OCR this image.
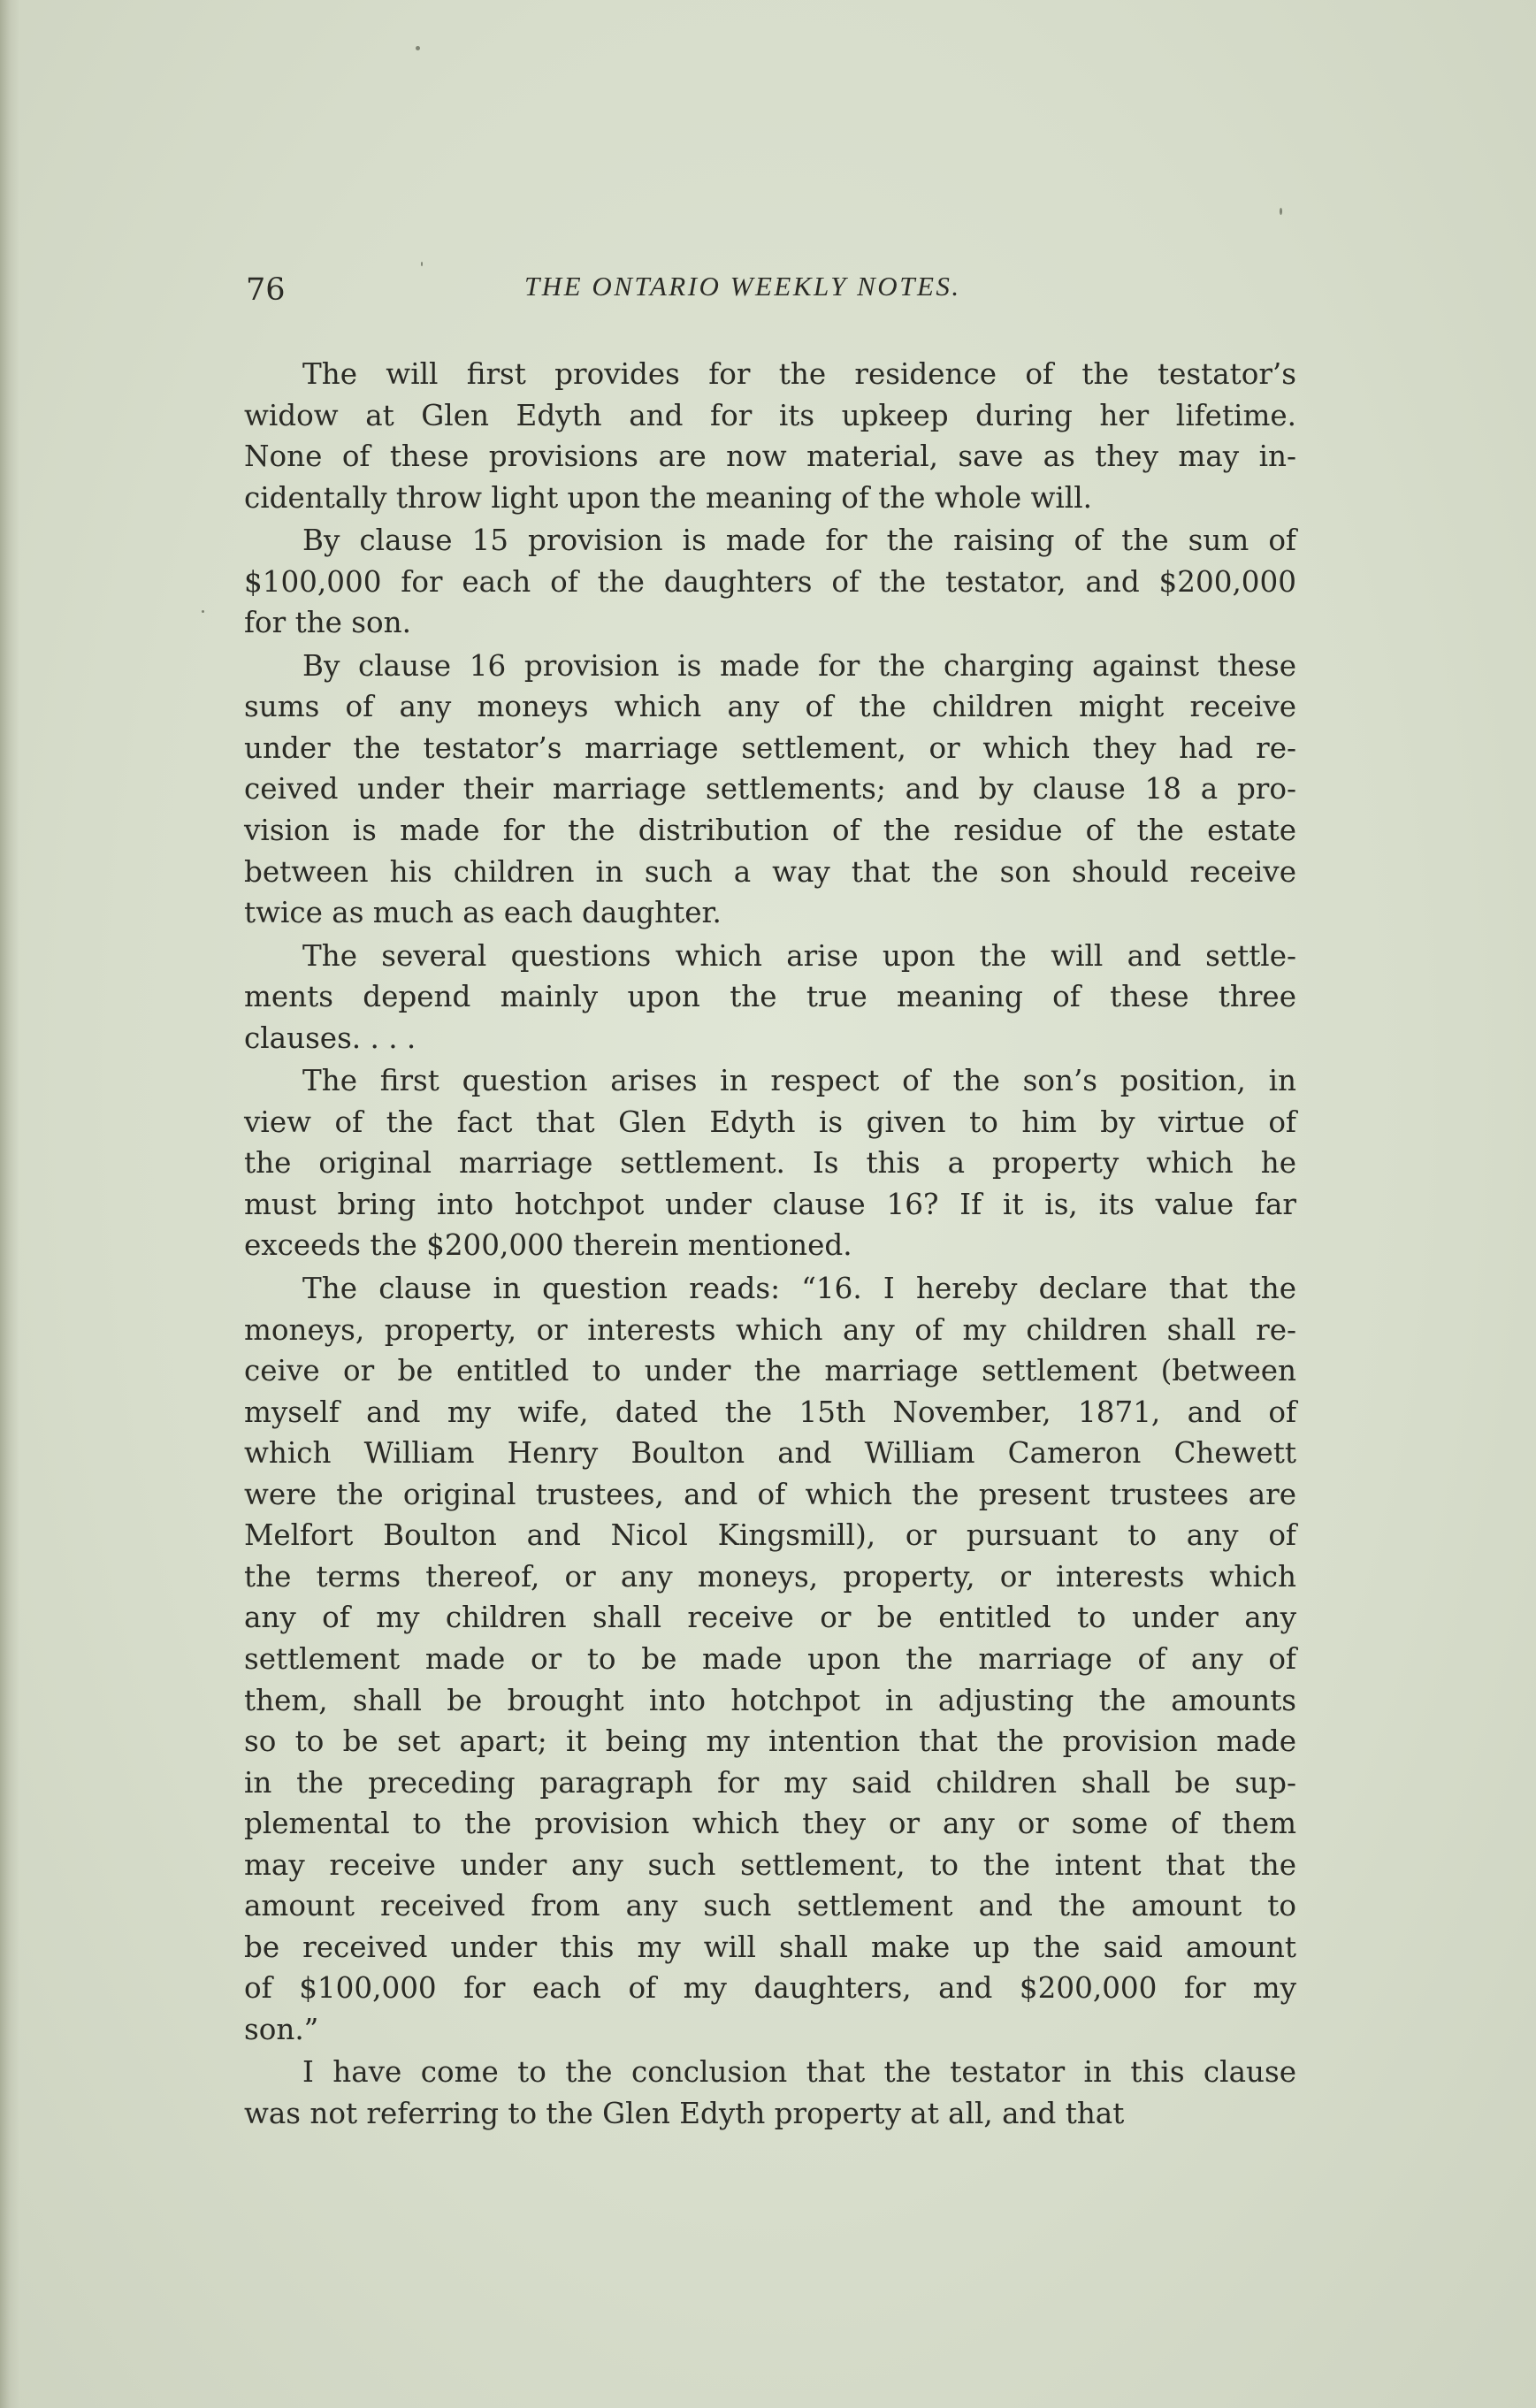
76	THE ONTARIO WEEKLY NOTES.

The will first provides for the residence of the testator’s
widow at Glen Edyth and for its upkeep during her lifetime.
None of these provisions are now material, save as they may in-
cidentally throw light upon the meaning of the whole will.

By clause 15 provision is made for the raising of the sum of
$100,000 for each of the daughters of the testator, and $200,000
for the son.

By clause 16 provision is made for the charging against these
sums of any moneys which any of the children might receive
under the testator’s marriage settlement, or which they had re-
ceived under their marriage settlements; and by clause 18 a pro-
vision is made for the distribution of the residue of the estate
between his children in such a way that the son should receive
twice as much as each daughter.

The several questions which arise upon the will and settle-
ments depend mainly upon the true meaning of these three
clauses. . . .

The first question arises in respect of the son’s position, in
view of the fact that Glen Edyth is given to him by virtue of
the original marriage settlement. Is this a property which he
must bring into hotchpot under clause 16? If it is, its value far
exceeds the $200,000 therein mentioned.

The clause in question reads: “16. I hereby declare that the
moneys, property, or interests which any of my children shall re-
ceive or be entitled to under the marriage settlement (between
myself and my wife, dated the 15th November, 1871, and of
which William Henry Boulton and William Cameron Chewett
were the original trustees, and of which the present trustees are
Melfort Boulton and Nicol Kingsmill), or pursuant to any of
the terms thereof, or any moneys, property, or interests which
any of my children shall receive or be entitled to under any
settlement made or to be made upon the marriage of any of
them, shall be brought into hotchpot in adjusting the amounts
so to be set apart; it being my intention that the provision made
in the preceding paragraph for my said children shall be sup-
plemental to the provision which they or any or some of them
may receive under any such settlement, to the intent that the
amount received from any such settlement and the amount to
be received under this my will shall make up the said amount
of $100,000 for each of my daughters, and $200,000 for my
son.”

I have come to the conclusion that the testator in this clause
was not referring to the Glen Edyth property at all, and that
